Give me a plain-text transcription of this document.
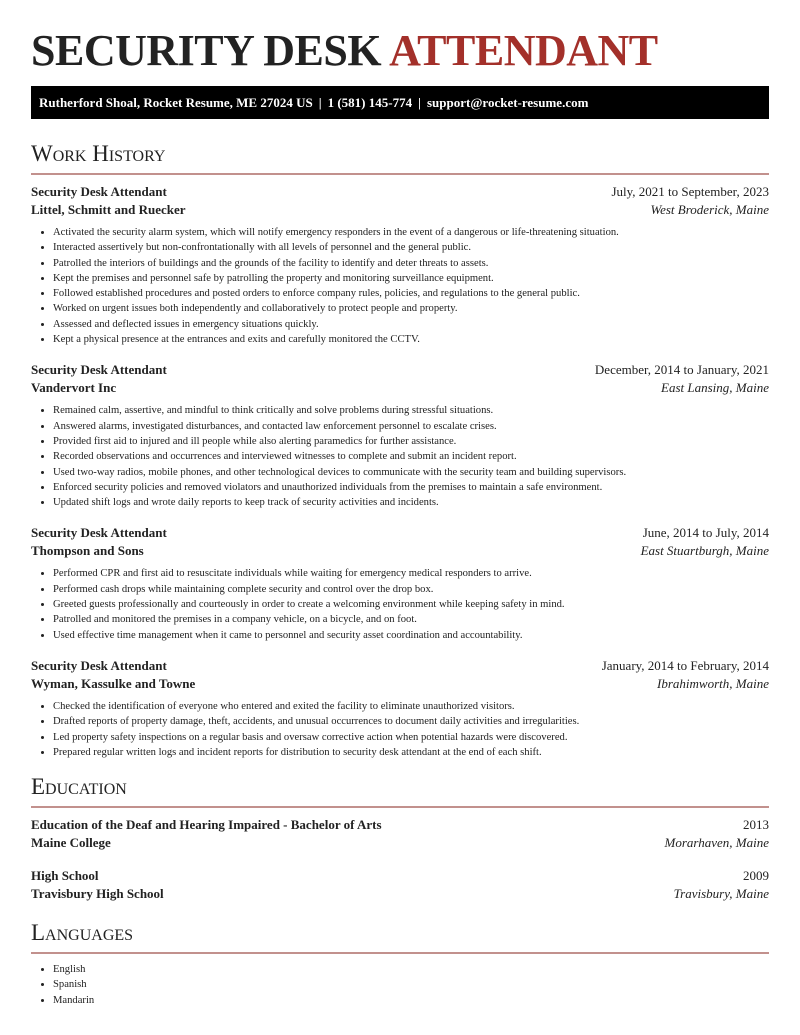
SECURITY DESK ATTENDANT
Rutherford Shoal, Rocket Resume, ME 27024 US | 1 (581) 145-774 | support@rocket-resume.com
Work History
Security Desk Attendant	July, 2021 to September, 2023
Littel, Schmitt and Ruecker	West Broderick, Maine
• Activated the security alarm system, which will notify emergency responders in the event of a dangerous or life-threatening situation.
• Interacted assertively but non-confrontationally with all levels of personnel and the general public.
• Patrolled the interiors of buildings and the grounds of the facility to identify and deter threats to assets.
• Kept the premises and personnel safe by patrolling the property and monitoring surveillance equipment.
• Followed established procedures and posted orders to enforce company rules, policies, and regulations to the general public.
• Worked on urgent issues both independently and collaboratively to protect people and property.
• Assessed and deflected issues in emergency situations quickly.
• Kept a physical presence at the entrances and exits and carefully monitored the CCTV.
Security Desk Attendant	December, 2014 to January, 2021
Vandervort Inc	East Lansing, Maine
• Remained calm, assertive, and mindful to think critically and solve problems during stressful situations.
• Answered alarms, investigated disturbances, and contacted law enforcement personnel to escalate crises.
• Provided first aid to injured and ill people while also alerting paramedics for further assistance.
• Recorded observations and occurrences and interviewed witnesses to complete and submit an incident report.
• Used two-way radios, mobile phones, and other technological devices to communicate with the security team and building supervisors.
• Enforced security policies and removed violators and unauthorized individuals from the premises to maintain a safe environment.
• Updated shift logs and wrote daily reports to keep track of security activities and incidents.
Security Desk Attendant	June, 2014 to July, 2014
Thompson and Sons	East Stuartburgh, Maine
• Performed CPR and first aid to resuscitate individuals while waiting for emergency medical responders to arrive.
• Performed cash drops while maintaining complete security and control over the drop box.
• Greeted guests professionally and courteously in order to create a welcoming environment while keeping safety in mind.
• Patrolled and monitored the premises in a company vehicle, on a bicycle, and on foot.
• Used effective time management when it came to personnel and security asset coordination and accountability.
Security Desk Attendant	January, 2014 to February, 2014
Wyman, Kassulke and Towne	Ibrahimworth, Maine
• Checked the identification of everyone who entered and exited the facility to eliminate unauthorized visitors.
• Drafted reports of property damage, theft, accidents, and unusual occurrences to document daily activities and irregularities.
• Led property safety inspections on a regular basis and oversaw corrective action when potential hazards were discovered.
• Prepared regular written logs and incident reports for distribution to security desk attendant at the end of each shift.
Education
Education of the Deaf and Hearing Impaired - Bachelor of Arts	2013
Maine College	Morarhaven, Maine
High School	2009
Travisbury High School	Travisbury, Maine
Languages
• English
• Spanish
• Mandarin
